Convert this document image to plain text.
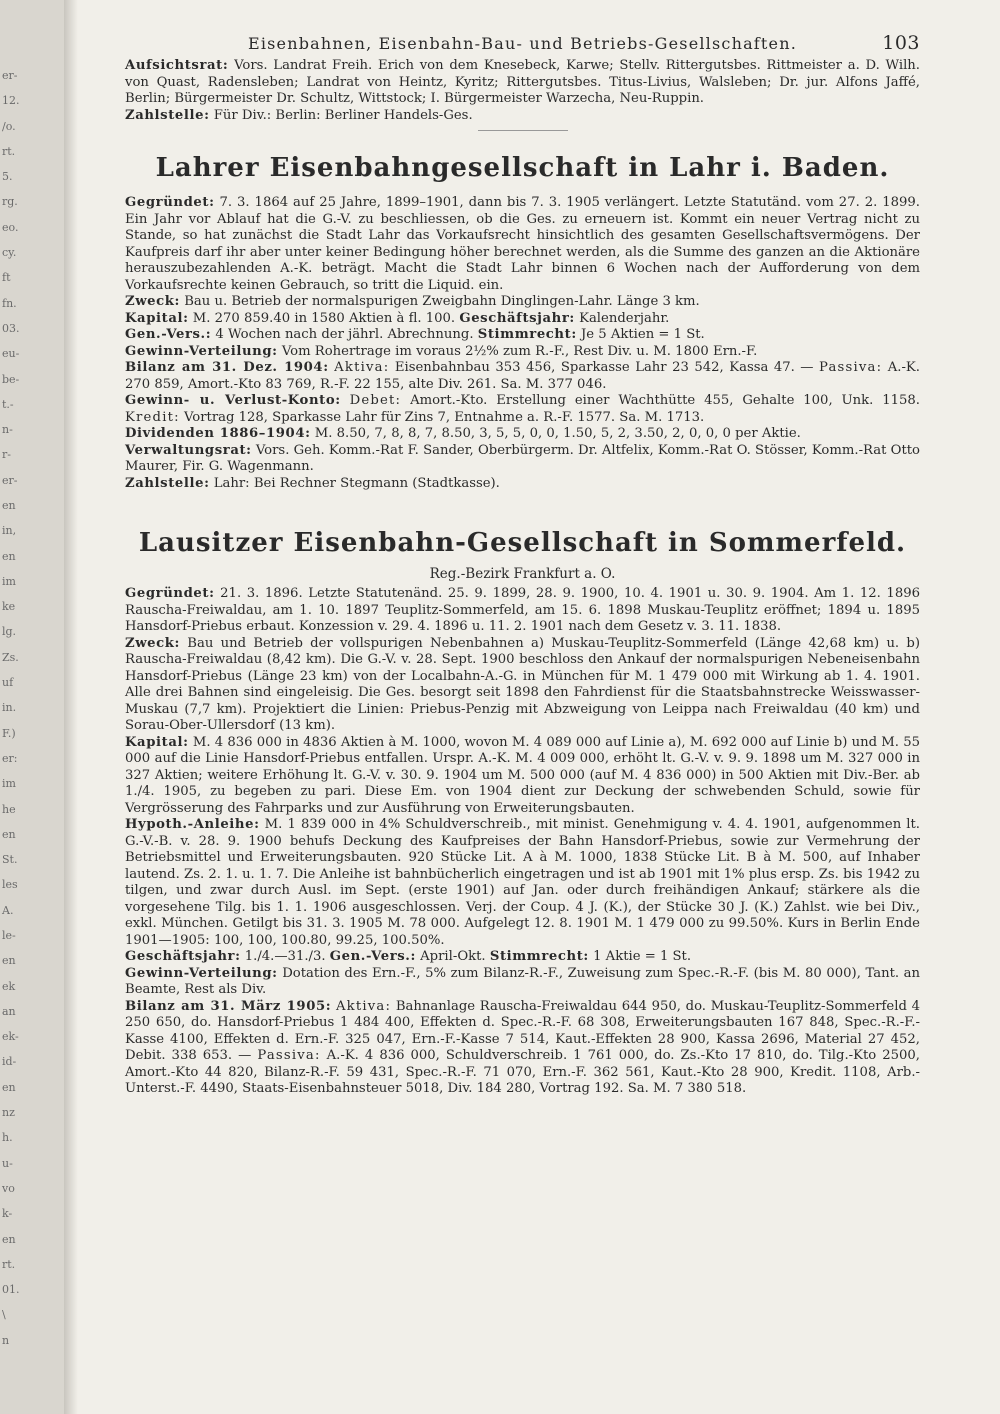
er-
12.
/o.
rt.
5.
rg.
eo.
cy.
ft
fn.
03.
eu-
be-
t.-
n-
r-
er-
en
in,
en
im
ke
lg.
Zs.
uf
in.
F.)
er:
im
he
en
St.
les
A.
le-
en
ek
an
ek-
id-
en
nz
h.
u-
vo
k-
en
rt.
01.
\
n
Eisenbahnen, Eisenbahn-Bau- und Betriebs-Gesellschaften.	103

Aufsichtsrat: Vors. Landrat Freih. Erich von dem Knesebeck, Karwe; Stellv. Rittergutsbes. Rittmeister a. D. Wilh. von Quast, Radensleben; Landrat von Heintz, Kyritz; Rittergutsbes. Titus-Livius, Walsleben; Dr. jur. Alfons Jaffé, Berlin; Bürgermeister Dr. Schultz, Wittstock; I. Bürgermeister Warzecha, Neu-Ruppin.

Zahlstelle: Für Div.: Berlin: Berliner Handels-Ges.

Lahrer Eisenbahngesellschaft in Lahr i. Baden.

Gegründet: 7. 3. 1864 auf 25 Jahre, 1899–1901, dann bis 7. 3. 1905 verlängert. Letzte Statutänd. vom 27. 2. 1899. Ein Jahr vor Ablauf hat die G.-V. zu beschliessen, ob die Ges. zu erneuern ist. Kommt ein neuer Vertrag nicht zu Stande, so hat zunächst die Stadt Lahr das Vorkaufsrecht hinsichtlich des gesamten Gesellschaftsvermögens. Der Kaufpreis darf ihr aber unter keiner Bedingung höher berechnet werden, als die Summe des ganzen an die Aktionäre herauszubezahlenden A.-K. beträgt. Macht die Stadt Lahr binnen 6 Wochen nach der Aufforderung von dem Vorkaufsrechte keinen Gebrauch, so tritt die Liquid. ein.

Zweck: Bau u. Betrieb der normalspurigen Zweigbahn Dinglingen-Lahr. Länge 3 km.

Kapital: M. 270 859.40 in 1580 Aktien à fl. 100. Geschäftsjahr: Kalenderjahr.

Gen.-Vers.: 4 Wochen nach der jährl. Abrechnung. Stimmrecht: Je 5 Aktien = 1 St.

Gewinn-Verteilung: Vom Rohertrage im voraus 2½% zum R.-F., Rest Div. u. M. 1800 Ern.-F.

Bilanz am 31. Dez. 1904: Aktiva: Eisenbahnbau 353 456, Sparkasse Lahr 23 542, Kassa 47. — Passiva: A.-K. 270 859, Amort.-Kto 83 769, R.-F. 22 155, alte Div. 261. Sa. M. 377 046.

Gewinn- u. Verlust-Konto: Debet: Amort.-Kto. Erstellung einer Wachthütte 455, Gehalte 100, Unk. 1158. Kredit: Vortrag 128, Sparkasse Lahr für Zins 7, Entnahme a. R.-F. 1577. Sa. M. 1713.

Dividenden 1886–1904: M. 8.50, 7, 8, 8, 7, 8.50, 3, 5, 5, 0, 0, 1.50, 5, 2, 3.50, 2, 0, 0, 0 per Aktie.

Verwaltungsrat: Vors. Geh. Komm.-Rat F. Sander, Oberbürgerm. Dr. Altfelix, Komm.-Rat O. Stösser, Komm.-Rat Otto Maurer, Fir. G. Wagenmann.

Zahlstelle: Lahr: Bei Rechner Stegmann (Stadtkasse).

Lausitzer Eisenbahn-Gesellschaft in Sommerfeld.
Reg.-Bezirk Frankfurt a. O.

Gegründet: 21. 3. 1896. Letzte Statutenänd. 25. 9. 1899, 28. 9. 1900, 10. 4. 1901 u. 30. 9. 1904. Am 1. 12. 1896 Rauscha-Freiwaldau, am 1. 10. 1897 Teuplitz-Sommerfeld, am 15. 6. 1898 Muskau-Teuplitz eröffnet; 1894 u. 1895 Hansdorf-Priebus erbaut. Konzession v. 29. 4. 1896 u. 11. 2. 1901 nach dem Gesetz v. 3. 11. 1838.

Zweck: Bau und Betrieb der vollspurigen Nebenbahnen a) Muskau-Teuplitz-Sommerfeld (Länge 42,68 km) u. b) Rauscha-Freiwaldau (8,42 km). Die G.-V. v. 28. Sept. 1900 beschloss den Ankauf der normalspurigen Nebeneisenbahn Hansdorf-Priebus (Länge 23 km) von der Localbahn-A.-G. in München für M. 1 479 000 mit Wirkung ab 1. 4. 1901. Alle drei Bahnen sind eingeleisig. Die Ges. besorgt seit 1898 den Fahrdienst für die Staatsbahnstrecke Weisswasser-Muskau (7,7 km). Projektiert die Linien: Priebus-Penzig mit Abzweigung von Leippa nach Freiwaldau (40 km) und Sorau-Ober-Ullersdorf (13 km).

Kapital: M. 4 836 000 in 4836 Aktien à M. 1000, wovon M. 4 089 000 auf Linie a), M. 692 000 auf Linie b) und M. 55 000 auf die Linie Hansdorf-Priebus entfallen. Urspr. A.-K. M. 4 009 000, erhöht lt. G.-V. v. 9. 9. 1898 um M. 327 000 in 327 Aktien; weitere Erhöhung lt. G.-V. v. 30. 9. 1904 um M. 500 000 (auf M. 4 836 000) in 500 Aktien mit Div.-Ber. ab 1./4. 1905, zu begeben zu pari. Diese Em. von 1904 dient zur Deckung der schwebenden Schuld, sowie für Vergrösserung des Fahrparks und zur Ausführung von Erweiterungsbauten.

Hypoth.-Anleihe: M. 1 839 000 in 4% Schuldverschreib., mit minist. Genehmigung v. 4. 4. 1901, aufgenommen lt. G.-V.-B. v. 28. 9. 1900 behufs Deckung des Kaufpreises der Bahn Hansdorf-Priebus, sowie zur Vermehrung der Betriebsmittel und Erweiterungsbauten. 920 Stücke Lit. A à M. 1000, 1838 Stücke Lit. B à M. 500, auf Inhaber lautend. Zs. 2. 1. u. 1. 7. Die Anleihe ist bahnbücherlich eingetragen und ist ab 1901 mit 1% plus ersp. Zs. bis 1942 zu tilgen, und zwar durch Ausl. im Sept. (erste 1901) auf Jan. oder durch freihändigen Ankauf; stärkere als die vorgesehene Tilg. bis 1. 1. 1906 ausgeschlossen. Verj. der Coup. 4 J. (K.), der Stücke 30 J. (K.) Zahlst. wie bei Div., exkl. München. Getilgt bis 31. 3. 1905 M. 78 000. Aufgelegt 12. 8. 1901 M. 1 479 000 zu 99.50%. Kurs in Berlin Ende 1901—1905: 100, 100, 100.80, 99.25, 100.50%.

Geschäftsjahr: 1./4.—31./3. Gen.-Vers.: April-Okt. Stimmrecht: 1 Aktie = 1 St.

Gewinn-Verteilung: Dotation des Ern.-F., 5% zum Bilanz-R.-F., Zuweisung zum Spec.-R.-F. (bis M. 80 000), Tant. an Beamte, Rest als Div.

Bilanz am 31. März 1905: Aktiva: Bahnanlage Rauscha-Freiwaldau 644 950, do. Muskau-Teuplitz-Sommerfeld 4 250 650, do. Hansdorf-Priebus 1 484 400, Effekten d. Spec.-R.-F. 68 308, Erweiterungsbauten 167 848, Spec.-R.-F.-Kasse 4100, Effekten d. Ern.-F. 325 047, Ern.-F.-Kasse 7 514, Kaut.-Effekten 28 900, Kassa 2696, Material 27 452, Debit. 338 653. — Passiva: A.-K. 4 836 000, Schuldverschreib. 1 761 000, do. Zs.-Kto 17 810, do. Tilg.-Kto 2500, Amort.-Kto 44 820, Bilanz-R.-F. 59 431, Spec.-R.-F. 71 070, Ern.-F. 362 561, Kaut.-Kto 28 900, Kredit. 1108, Arb.-Unterst.-F. 4490, Staats-Eisenbahnsteuer 5018, Div. 184 280, Vortrag 192. Sa. M. 7 380 518.
